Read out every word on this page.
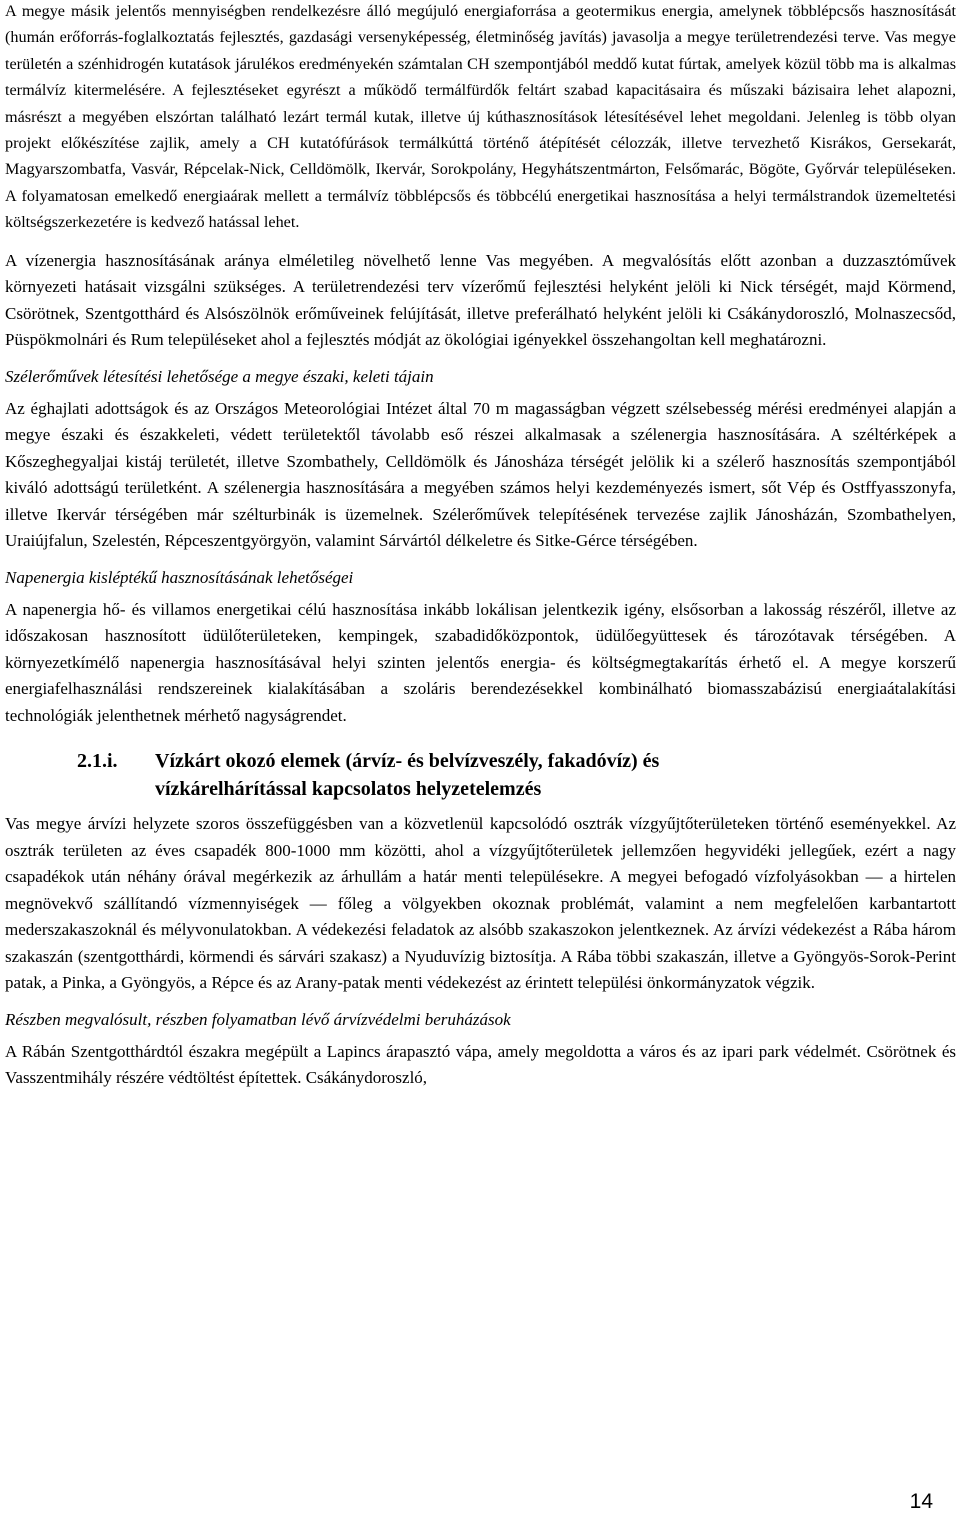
A megye másik jelentős mennyiségben rendelkezésre álló megújuló energiaforrása a geotermikus energia, amelynek többlépcsős hasznosítását (humán erőforrás-foglalkoztatás fejlesztés, gazdasági versenyképesség, életminőség javítás) javasolja a megye területrendezési terve. Vas megye területén a szénhidrogén kutatások járulékos eredményekén számtalan CH szempontjából meddő kutat fúrtak, amelyek közül több ma is alkalmas termálvíz kitermelésére. A fejlesztéseket egyrészt a működő termálfürdők feltárt szabad kapacitásaira és műszaki bázisaira lehet alapozni, másrészt a megyében elszórtan található lezárt termál kutak, illetve új kúthasznosítások létesítésével lehet megoldani. Jelenleg is több olyan projekt előkészítése zajlik, amely a CH kutatófúrások termálkúttá történő átépítését célozzák, illetve tervezhető Kisrákos, Gersekarát, Magyarszombatfa, Vasvár, Répcelak-Nick, Celldömölk, Ikervár, Sorokpolány, Hegyhátszentmárton, Felsőmarác, Bögöte, Győrvár településeken. A folyamatosan emelkedő energiaárak mellett a termálvíz többlépcsős és többcélú energetikai hasznosítása a helyi termálstrandok üzemeltetési költségszerkezetére is kedvező hatással lehet.

A vízenergia hasznosításának aránya elméletileg növelhető lenne Vas megyében. A megvalósítás előtt azonban a duzzasztóművek környezeti hatásait vizsgálni szükséges. A területrendezési terv vízerőmű fejlesztési helyként jelöli ki Nick térségét, majd Körmend, Csörötnek, Szentgotthárd és Alsószölnök erőműveinek felújítását, illetve preferálható helyként jelöli ki Csákánydoroszló, Molnaszecsőd, Püspökmolnári és Rum településeket ahol a fejlesztés módját az ökológiai igényekkel összehangoltan kell meghatározni.

Szélerőművek létesítési lehetősége a megye északi, keleti tájain

Az éghajlati adottságok és az Országos Meteorológiai Intézet által 70 m magasságban végzett szélsebesség mérési eredményei alapján a megye északi és északkeleti, védett területektől távolabb eső részei alkalmasak a szélenergia hasznosítására. A széltérképek a Kőszeghegyaljai kistáj területét, illetve Szombathely, Celldömölk és Jánosháza térségét jelölik ki a szélerő hasznosítás szempontjából kiváló adottságú területként. A szélenergia hasznosítására a megyében számos helyi kezdeményezés ismert, sőt Vép és Ostffyasszonyfa, illetve Ikervár térségében már szélturbinák is üzemelnek. Szélerőművek telepítésének tervezése zajlik Jánosházán, Szombathelyen, Uraiújfalun, Szelestén, Répceszentgyörgyön, valamint Sárvártól délkeletre és Sitke-Gérce térségében.

Napenergia kisléptékű hasznosításának lehetőségei

A napenergia hő- és villamos energetikai célú hasznosítása inkább lokálisan jelentkezik igény, elsősorban a lakosság részéről, illetve az időszakosan hasznosított üdülőterületeken, kempingek, szabadidőközpontok, üdülőegyüttesek és tározótavak térségében. A környezetkímélő napenergia hasznosításával helyi szinten jelentős energia- és költségmegtakarítás érhető el. A megye korszerű energiafelhasználási rendszereinek kialakításában a szoláris berendezésekkel kombinálható biomasszabázisú energiaátalakítási technológiák jelenthetnek mérhető nagyságrendet.

2.1.i.	Vízkárt okozó elemek (árvíz- és belvízveszély, fakadóvíz) és vízkárelhárítással kapcsolatos helyzetelemzés

Vas megye árvízi helyzete szoros összefüggésben van a közvetlenül kapcsolódó osztrák vízgyűjtőterületeken történő eseményekkel. Az osztrák területen az éves csapadék 800-1000 mm közötti, ahol a vízgyűjtőterületek jellemzően hegyvidéki jellegűek, ezért a nagy csapadékok után néhány órával megérkezik az árhullám a határ menti településekre. A megyei befogadó vízfolyásokban — a hirtelen megnövekvő szállítandó vízmennyiségek — főleg a völgyekben okoznak problémát, valamint a nem megfelelően karbantartott mederszakaszoknál és mélyvonulatokban. A védekezési feladatok az alsóbb szakaszokon jelentkeznek. Az árvízi védekezést a Rába három szakaszán (szentgotthárdi, körmendi és sárvári szakasz) a Nyuduvízig biztosítja. A Rába többi szakaszán, illetve a Gyöngyös-Sorok-Perint patak, a Pinka, a Gyöngyös, a Répce és az Arany-patak menti védekezést az érintett települési önkormányzatok végzik.

Részben megvalósult, részben folyamatban lévő árvízvédelmi beruházások

A Rábán Szentgotthárdtól északra megépült a Lapincs árapasztó vápa, amely megoldotta a város és az ipari park védelmét. Csörötnek és Vasszentmihály részére védtöltést építettek. Csákánydoroszló,

14
